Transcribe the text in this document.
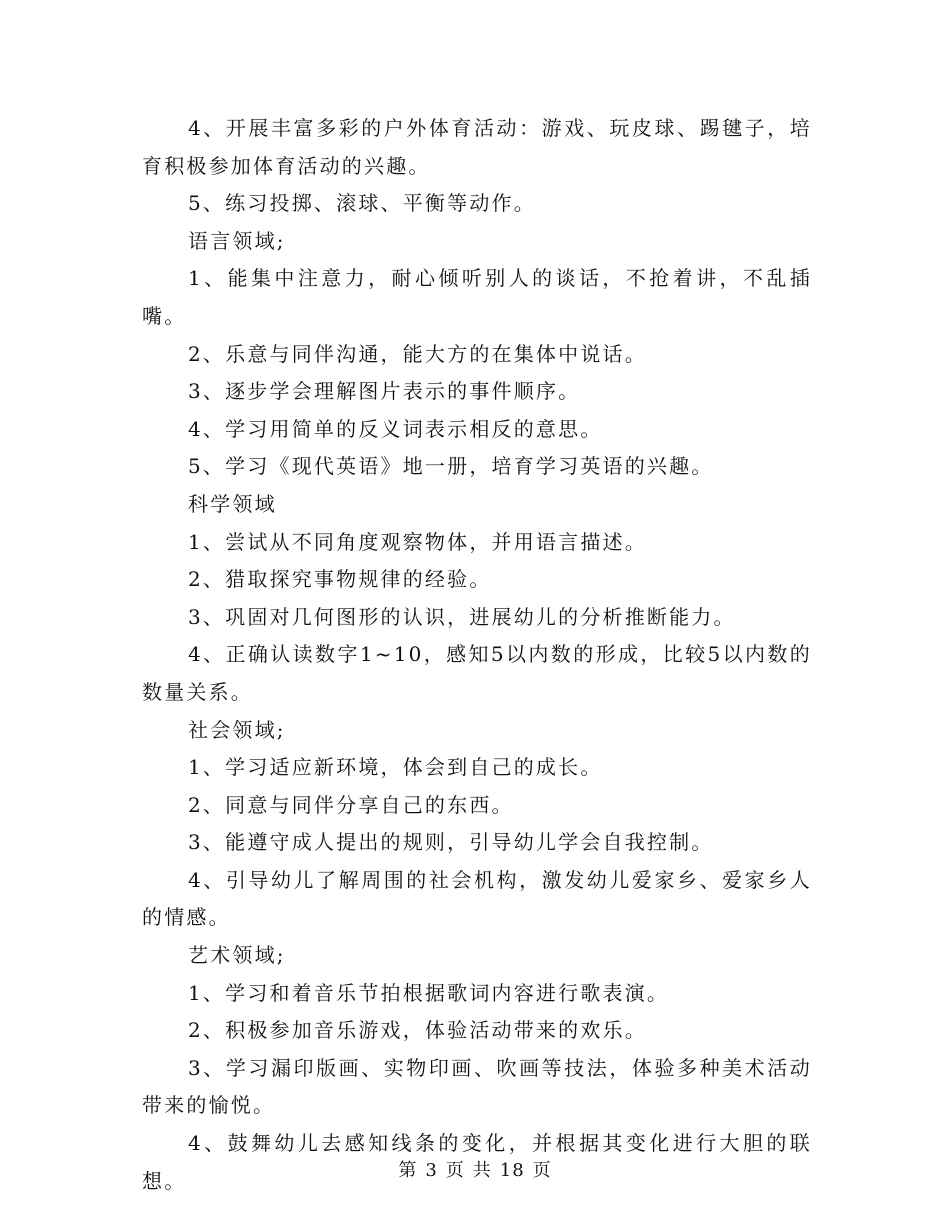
4、开展丰富多彩的户外体育活动：游戏、玩皮球、踢毽子，培育积极参加体育活动的兴趣。

5、练习投掷、滚球、平衡等动作。

语言领域;

1、能集中注意力，耐心倾听别人的谈话，不抢着讲，不乱插嘴。

2、乐意与同伴沟通，能大方的在集体中说话。

3、逐步学会理解图片表示的事件顺序。

4、学习用简单的反义词表示相反的意思。

5、学习《现代英语》地一册，培育学习英语的兴趣。

科学领域

1、尝试从不同角度观察物体，并用语言描述。

2、猎取探究事物规律的经验。

3、巩固对几何图形的认识，进展幼儿的分析推断能力。

4、正确认读数字1~10，感知5以内数的形成，比较5以内数的数量关系。

社会领域;

1、学习适应新环境，体会到自己的成长。

2、同意与同伴分享自己的东西。

3、能遵守成人提出的规则，引导幼儿学会自我控制。

4、引导幼儿了解周围的社会机构，激发幼儿爱家乡、爱家乡人的情感。

艺术领域;

1、学习和着音乐节拍根据歌词内容进行歌表演。

2、积极参加音乐游戏，体验活动带来的欢乐。

3、学习漏印版画、实物印画、吹画等技法，体验多种美术活动带来的愉悦。

4、鼓舞幼儿去感知线条的变化，并根据其变化进行大胆的联想。	第 3 页 共 18 页
